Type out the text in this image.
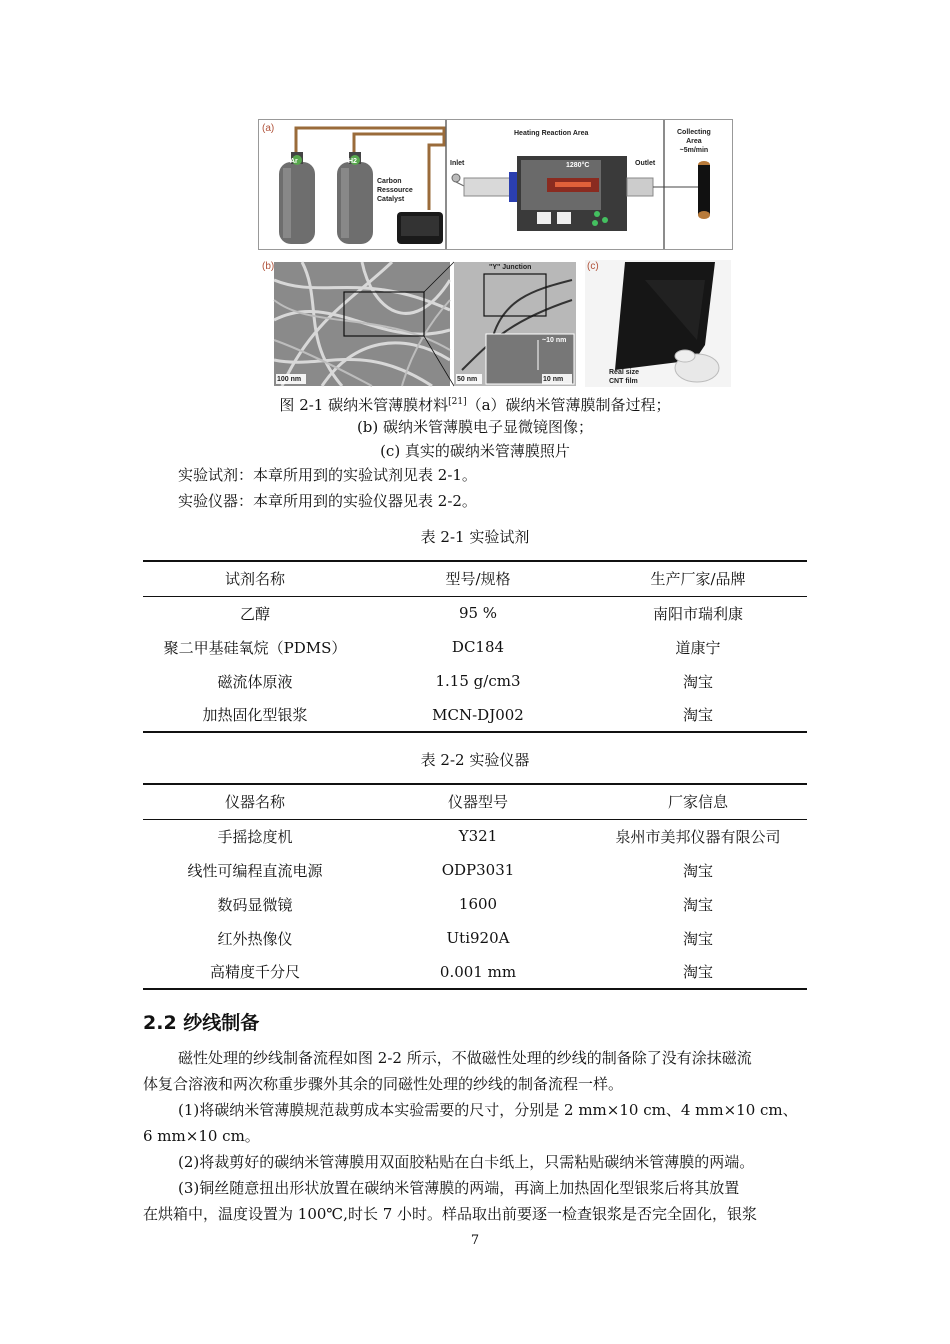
(a)
Ar	H2
Carbon
Ressource
Catalyst
Heating Reaction Area
Inlet	Outlet
1280°C
Collecting
Area
~5m/min
(b)	"Y" Junction
100 nm	50 nm
~10 nm
10 nm
(c)
Real size
CNT film
图 2-1 碳纳米管薄膜材料[21]（a）碳纳米管薄膜制备过程；
(b) 碳纳米管薄膜电子显微镜图像；
(c) 真实的碳纳米管薄膜照片
实验试剂：本章所用到的实验试剂见表 2-1。
实验仪器：本章所用到的实验仪器见表 2-2。
表 2-1 实验试剂
试剂名称	型号/规格	生产厂家/品牌
乙醇	95 %	南阳市瑞利康
聚二甲基硅氧烷（PDMS）	DC184	道康宁
磁流体原液	1.15 g/cm3	淘宝
加热固化型银浆	MCN-DJ002	淘宝
表 2-2 实验仪器
仪器名称	仪器型号	厂家信息
手摇捻度机	Y321	泉州市美邦仪器有限公司
线性可编程直流电源	ODP3031	淘宝
数码显微镜	1600	淘宝
红外热像仪	Uti920A	淘宝
高精度千分尺	0.001 mm	淘宝
2.2 纱线制备
磁性处理的纱线制备流程如图 2-2 所示，不做磁性处理的纱线的制备除了没有涂抹磁流
体复合溶液和两次称重步骤外其余的同磁性处理的纱线的制备流程一样。
(1)将碳纳米管薄膜规范裁剪成本实验需要的尺寸，分别是 2 mm×10 cm、4 mm×10 cm、
6 mm×10 cm。
(2)将裁剪好的碳纳米管薄膜用双面胶粘贴在白卡纸上，只需粘贴碳纳米管薄膜的两端。
(3)铜丝随意扭出形状放置在碳纳米管薄膜的两端，再滴上加热固化型银浆后将其放置
在烘箱中，温度设置为 100℃,时长 7 小时。样品取出前要逐一检查银浆是否完全固化，银浆
7
